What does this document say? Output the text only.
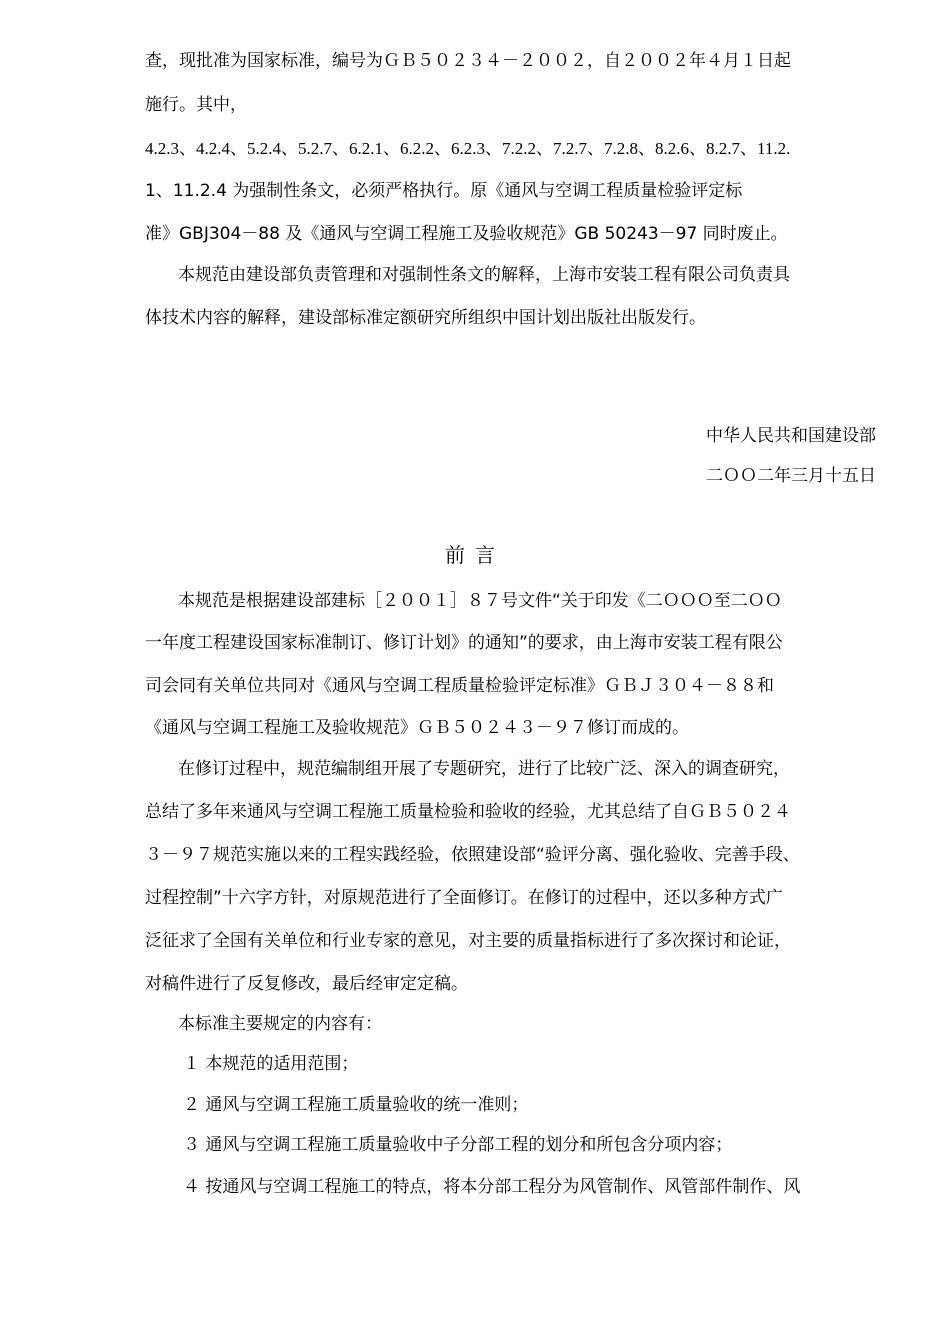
查，现批准为国家标准，编号为ＧＢ５０２３４－２００２，自２００２年４月１日起
施行。其中，
4.2.3、4.2.4、5.2.4、5.2.7、6.2.1、6.2.2、6.2.3、7.2.2、7.2.7、7.2.8、8.2.6、8.2.7、11.2.
1、11.2.4 为强制性条文，必须严格执行。原《通风与空调工程质量检验评定标
准》GBJ304－88 及《通风与空调工程施工及验收规范》GB 50243－97 同时废止。
本规范由建设部负责管理和对强制性条文的解释，上海市安装工程有限公司负责具
体技术内容的解释，建设部标准定额研究所组织中国计划出版社出版发行。
中华人民共和国建设部
二ＯＯ二年三月十五日
前言
本规范是根据建设部建标［２００１］８７号文件“关于印发《二ＯＯＯ至二ＯＯ
一年度工程建设国家标准制订、修订计划》的通知”的要求，由上海市安装工程有限公
司会同有关单位共同对《通风与空调工程质量检验评定标准》ＧＢＪ３０４－８８和
《通风与空调工程施工及验收规范》ＧＢ５０２４３－９７修订而成的。
在修订过程中，规范编制组开展了专题研究，进行了比较广泛、深入的调查研究，
总结了多年来通风与空调工程施工质量检验和验收的经验，尤其总结了自ＧＢ５０２４
３－９７规范实施以来的工程实践经验，依照建设部“验评分离、强化验收、完善手段、
过程控制”十六字方针，对原规范进行了全面修订。在修订的过程中，还以多种方式广
泛征求了全国有关单位和行业专家的意见，对主要的质量指标进行了多次探讨和论证，
对稿件进行了反复修改，最后经审定定稿。
本标准主要规定的内容有：
１ 本规范的适用范围；
２ 通风与空调工程施工质量验收的统一准则；
３ 通风与空调工程施工质量验收中子分部工程的划分和所包含分项内容；
４ 按通风与空调工程施工的特点，将本分部工程分为风管制作、风管部件制作、风
